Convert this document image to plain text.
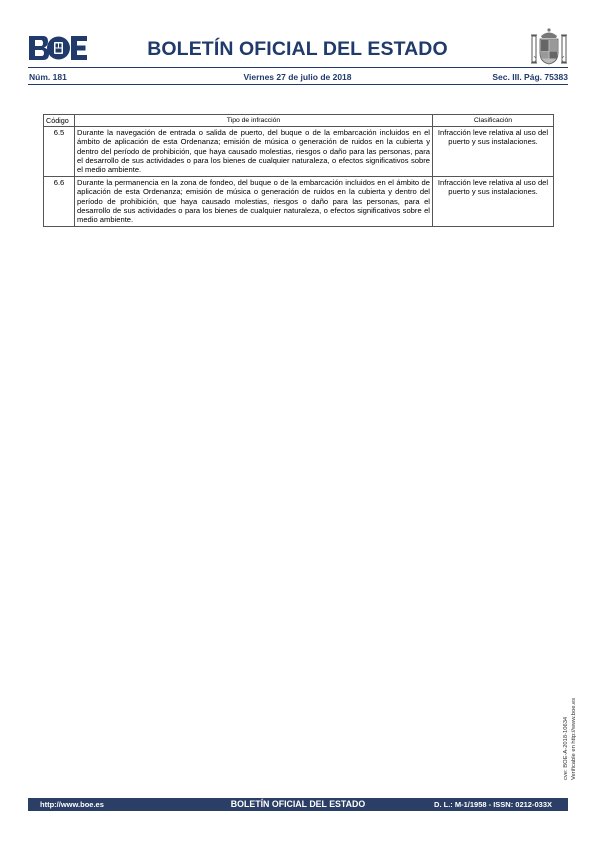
BOLETÍN OFICIAL DEL ESTADO
Núm. 181	Viernes 27 de julio de 2018	Sec. III. Pág. 75383
Código	Tipo de infracción	Clasificación
6.5	Durante la navegación de entrada o salida de puerto, del buque o de la embarcación incluidos en el ámbito de aplicación de esta Ordenanza; emisión de música o generación de ruidos en la cubierta y dentro del período de prohibición, que haya causado molestias, riesgos o daño para las personas, para el desarrollo de sus actividades o para los bienes de cualquier naturaleza, o efectos significativos sobre el medio ambiente.	Infracción leve relativa al uso del puerto y sus instalaciones.
6.6	Durante la permanencia en la zona de fondeo, del buque o de la embarcación incluidos en el ámbito de aplicación de esta Ordenanza; emisión de música o generación de ruidos en la cubierta y dentro del período de prohibición, que haya causado molestias, riesgos o daño para las personas, para el desarrollo de sus actividades o para los bienes de cualquier naturaleza, o efectos significativos sobre el medio ambiente.	Infracción leve relativa al uso del puerto y sus instalaciones.
cve: BOE-A-2018-10634 Verificable en http://www.boe.es
http://www.boe.es	BOLETÍN OFICIAL DEL ESTADO	D. L.: M-1/1958 - ISSN: 0212-033X
